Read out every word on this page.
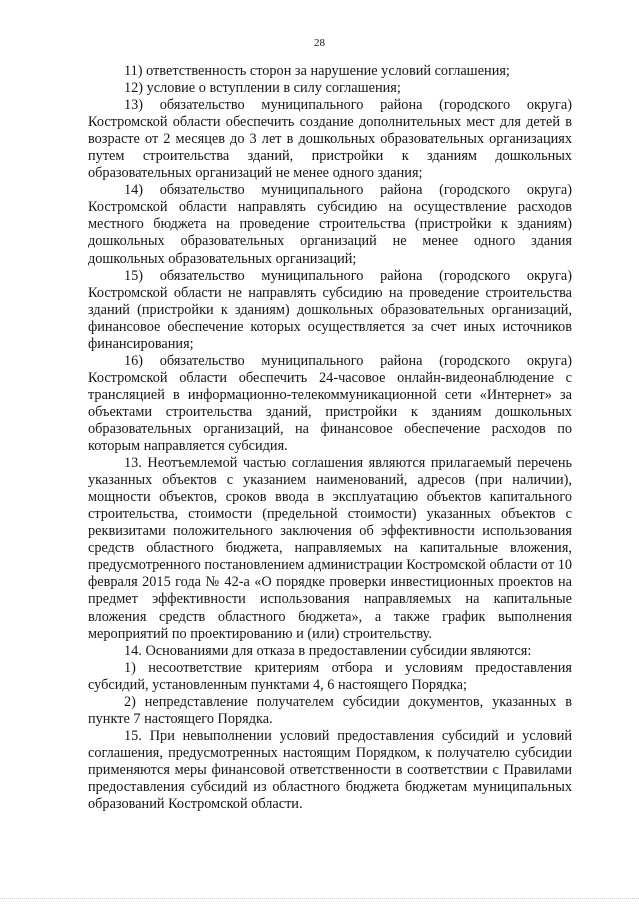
28

11) ответственность сторон за нарушение условий соглашения;

12) условие о вступлении в силу соглашения;

13) обязательство муниципального района (городского округа) Костромской области обеспечить создание дополнительных мест для детей в возрасте от 2 месяцев до 3 лет в дошкольных образовательных организациях путем строительства зданий, пристройки к зданиям дошкольных образовательных организаций не менее одного здания;

14) обязательство муниципального района (городского округа) Костромской области направлять субсидию на осуществление расходов местного бюджета на проведение строительства (пристройки к зданиям) дошкольных образовательных организаций не менее одного здания дошкольных образовательных организаций;

15) обязательство муниципального района (городского округа) Костромской области не направлять субсидию на проведение строительства зданий (пристройки к зданиям) дошкольных образовательных организаций, финансовое обеспечение которых осуществляется за счет иных источников финансирования;

16) обязательство муниципального района (городского округа) Костромской области обеспечить 24-часовое онлайн-видеонаблюдение с трансляцией в информационно-телекоммуникационной сети «Интернет» за объектами строительства зданий, пристройки к зданиям дошкольных образовательных организаций, на финансовое обеспечение расходов по которым направляется субсидия.

13. Неотъемлемой частью соглашения являются прилагаемый перечень указанных объектов с указанием наименований, адресов (при наличии), мощности объектов, сроков ввода в эксплуатацию объектов капитального строительства, стоимости (предельной стоимости) указанных объектов с реквизитами положительного заключения об эффективности использования средств областного бюджета, направляемых на капитальные вложения, предусмотренного постановлением администрации Костромской области от 10 февраля 2015 года № 42-а «О порядке проверки инвестиционных проектов на предмет эффективности использования направляемых на капитальные вложения средств областного бюджета», а также график выполнения мероприятий по проектированию и (или) строительству.

14. Основаниями для отказа в предоставлении субсидии являются:

1) несоответствие критериям отбора и условиям предоставления субсидий, установленным пунктами 4, 6 настоящего Порядка;

2) непредставление получателем субсидии документов, указанных в пункте 7 настоящего Порядка.

15. При невыполнении условий предоставления субсидий и условий соглашения, предусмотренных настоящим Порядком, к получателю субсидии применяются меры финансовой ответственности в соответствии с Правилами предоставления субсидий из областного бюджета бюджетам муниципальных образований Костромской области.
